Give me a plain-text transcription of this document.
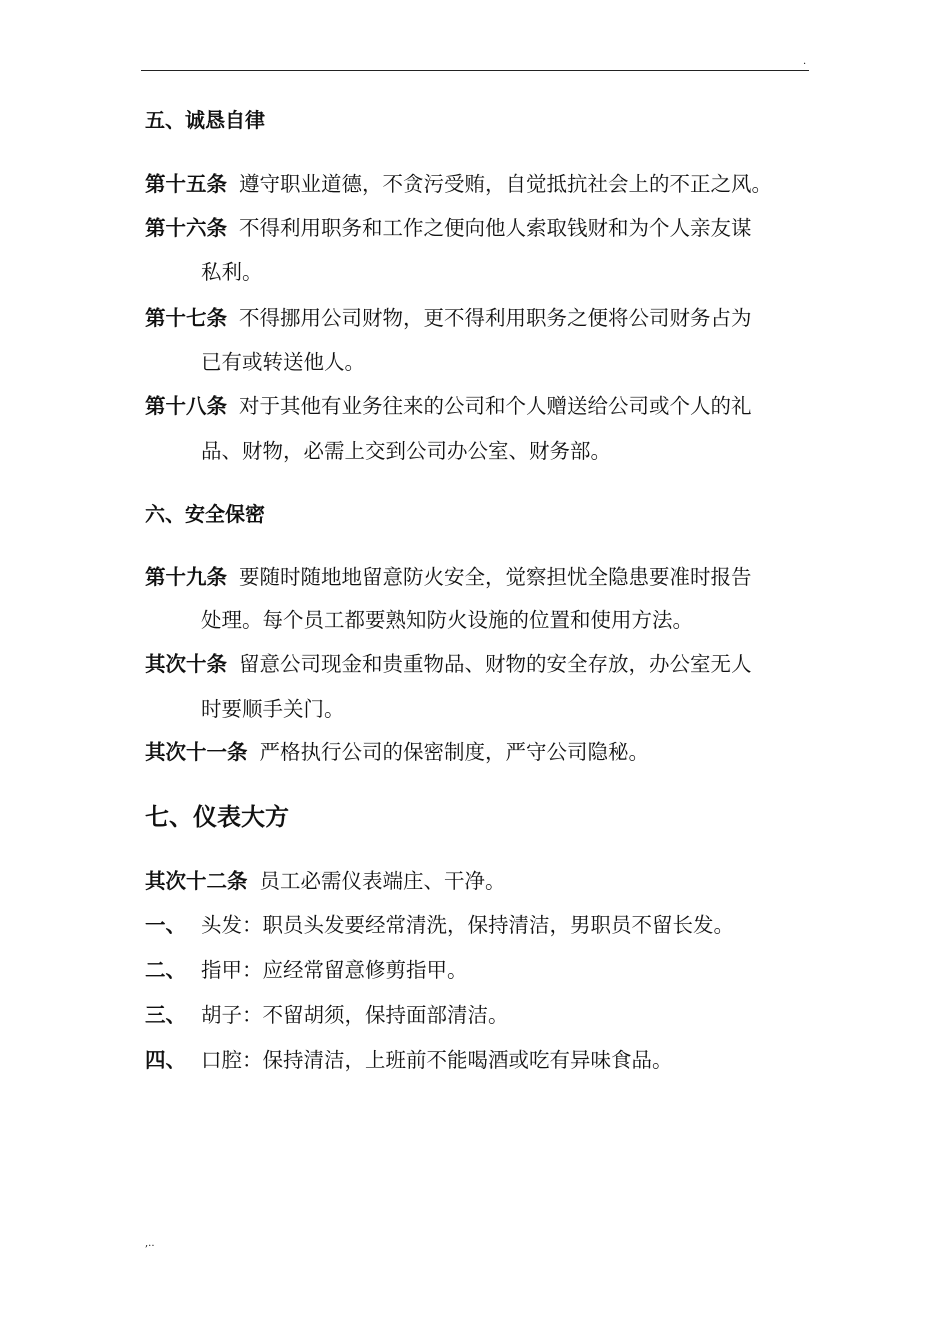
.
五、诚恳自律
第十五条 遵守职业道德，不贪污受贿，自觉抵抗社会上的不正之风。
第十六条 不得利用职务和工作之便向他人索取钱财和为个人亲友谋
私利。
第十七条 不得挪用公司财物，更不得利用职务之便将公司财务占为
已有或转送他人。
第十八条 对于其他有业务往来的公司和个人赠送给公司或个人的礼
品、财物，必需上交到公司办公室、财务部。
六、安全保密
第十九条 要随时随地地留意防火安全，觉察担忧全隐患要准时报告
处理。每个员工都要熟知防火设施的位置和使用方法。
其次十条 留意公司现金和贵重物品、财物的安全存放，办公室无人
时要顺手关门。
其次十一条 严格执行公司的保密制度，严守公司隐秘。
七、仪表大方
其次十二条 员工必需仪表端庄、干净。
一、 头发：职员头发要经常清洗，保持清洁，男职员不留长发。
二、 指甲：应经常留意修剪指甲。
三、 胡子：不留胡须，保持面部清洁。
四、 口腔：保持清洁，上班前不能喝酒或吃有异味食品。
,..
